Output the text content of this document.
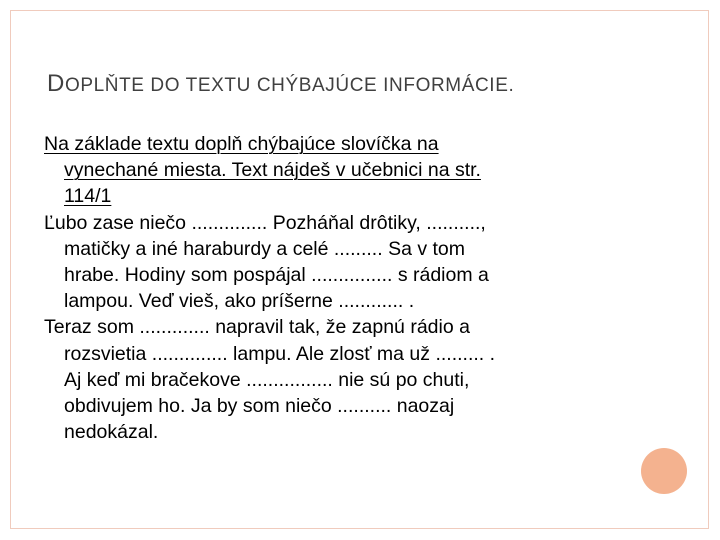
DOPLŇTE DO TEXTU CHÝBAJÚCE INFORMÁCIE.
Na základe textu doplň chýbajúce slovíčka na
vynechané miesta. Text nájdeš v učebnici na str.
114/1
Ľubo zase niečo .............. Pozháňal drôtiky, ..........,
matičky a iné haraburdy a celé ......... Sa v tom
hrabe. Hodiny som pospájal ............... s rádiom a
lampou. Veď vieš, ako príšerne ............ .
Teraz som ............. napravil tak, že zapnú rádio a
rozsvietia .............. lampu. Ale zlosť ma už ......... .
Aj keď mi bračekove ................ nie sú po chuti,
obdivujem ho. Ja by som niečo .......... naozaj
nedokázal.
